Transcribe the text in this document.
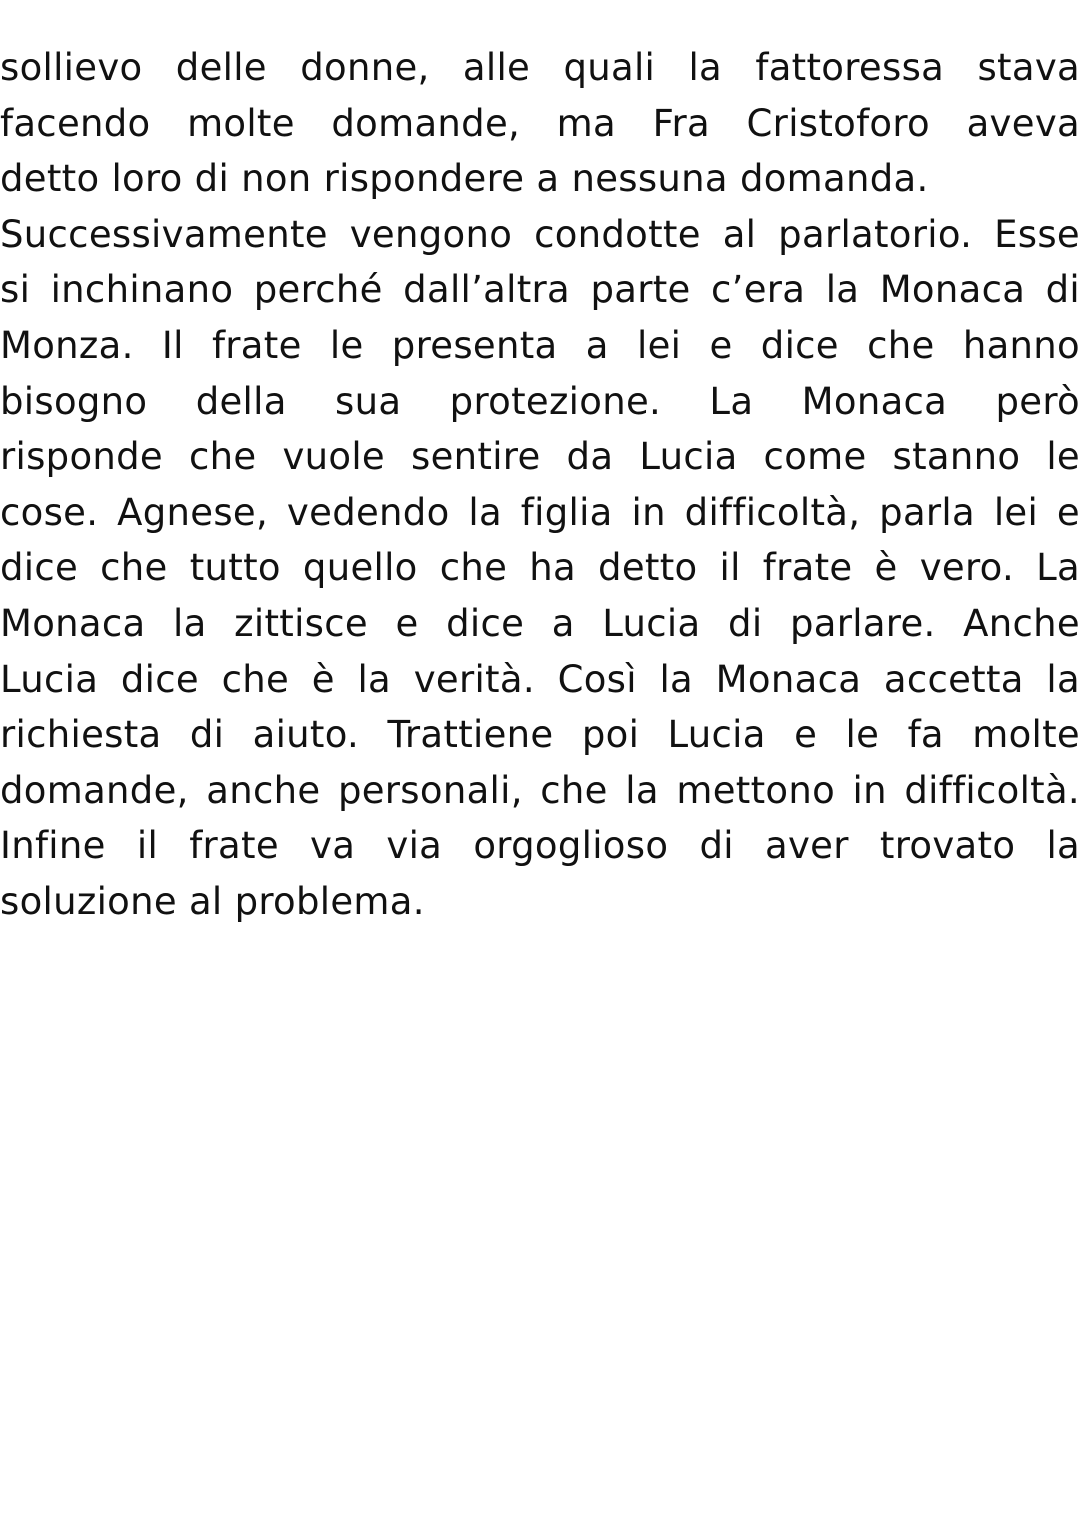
sollievo delle donne, alle quali la fattoressa stava
facendo molte domande, ma Fra Cristoforo aveva
detto loro di non rispondere a nessuna domanda.
Successivamente vengono condotte al parlatorio. Esse
si inchinano perché dall’altra parte c’era la Monaca di
Monza. Il frate le presenta a lei e dice che hanno
bisogno della sua protezione. La Monaca però
risponde che vuole sentire da Lucia come stanno le
cose. Agnese, vedendo la figlia in difficoltà, parla lei e
dice che tutto quello che ha detto il frate è vero. La
Monaca la zittisce e dice a Lucia di parlare. Anche
Lucia dice che è la verità. Così la Monaca accetta la
richiesta di aiuto. Trattiene poi Lucia e le fa molte
domande, anche personali, che la mettono in difficoltà.
Infine il frate va via orgoglioso di aver trovato la
soluzione al problema.
